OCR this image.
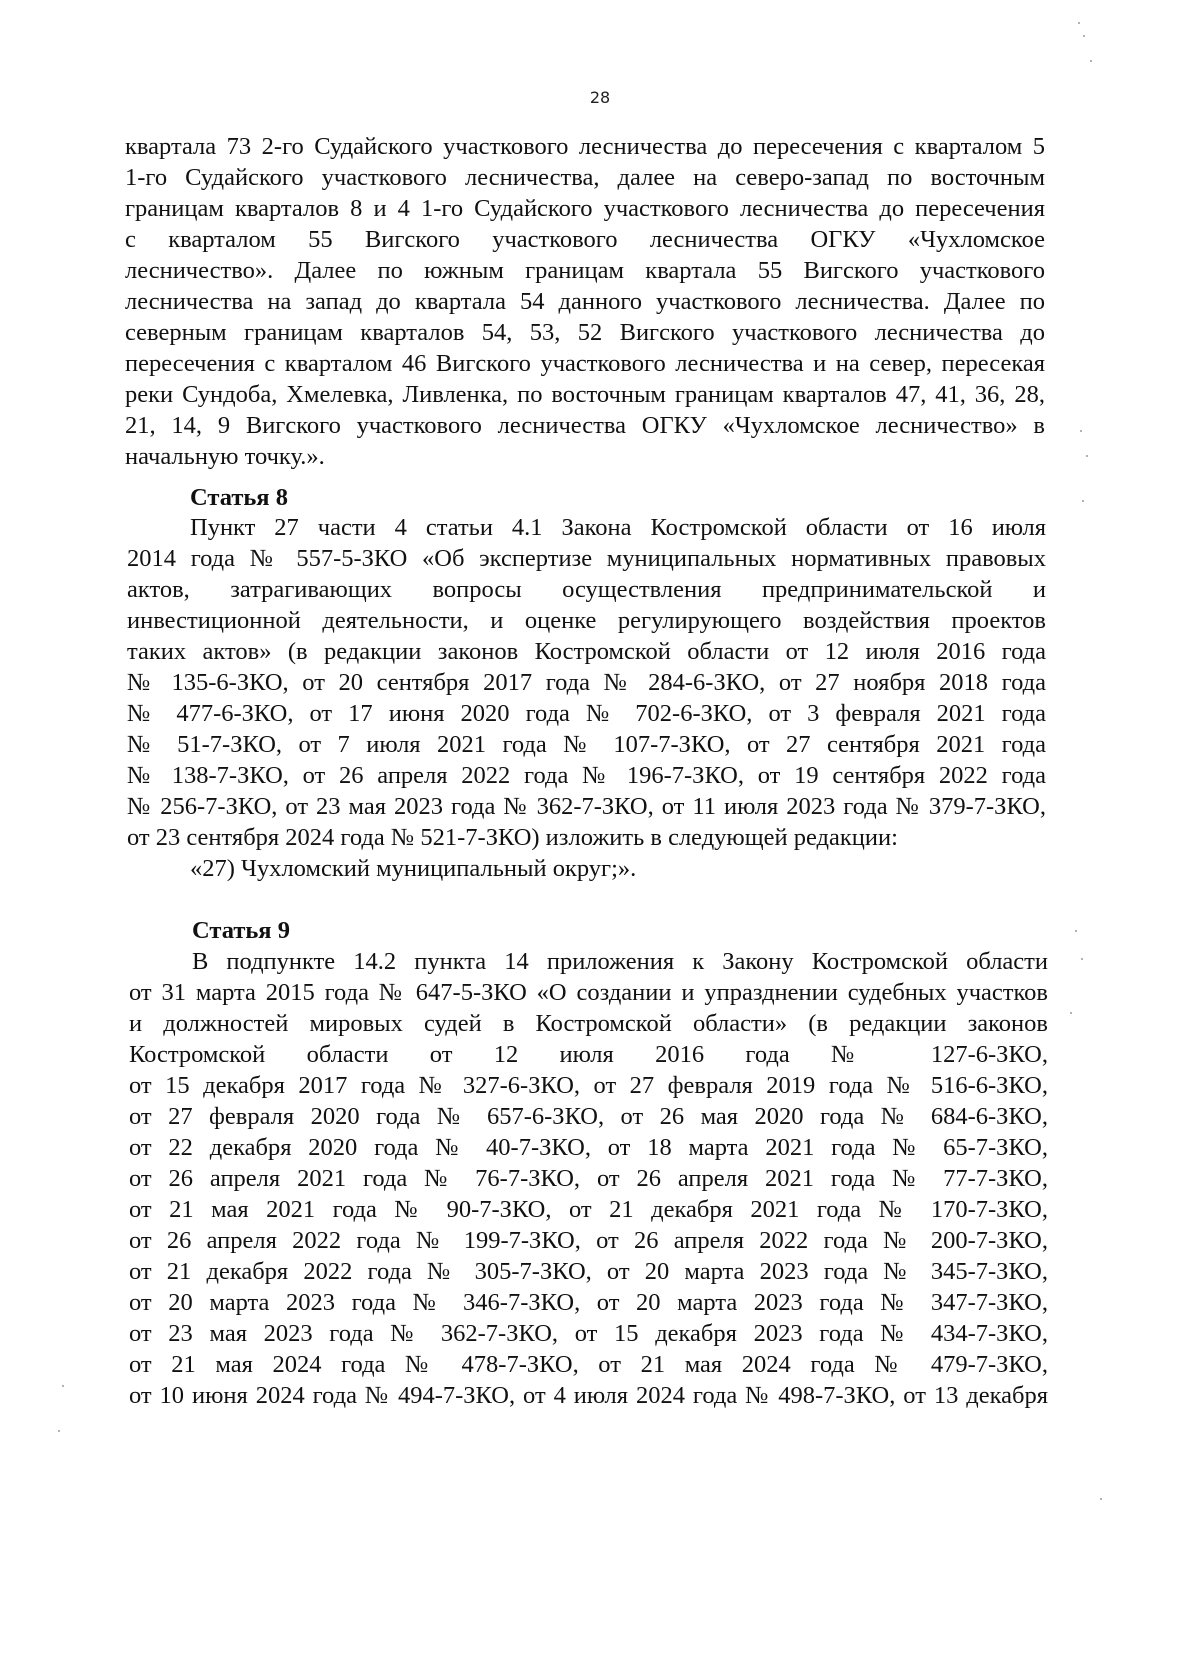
28
квартала 73 2-го Судайского участкового лесничества до пересечения с кварталом 5
1-го Судайского участкового лесничества, далее на северо-запад по восточным
границам кварталов 8 и 4 1-го Судайского участкового лесничества до пересечения
с кварталом 55 Вигского участкового лесничества ОГКУ «Чухломское
лесничество». Далее по южным границам квартала 55 Вигского участкового
лесничества на запад до квартала 54 данного участкового лесничества. Далее по
северным границам кварталов 54, 53, 52 Вигского участкового лесничества до
пересечения с кварталом 46 Вигского участкового лесничества и на север, пересекая
реки Сундоба, Хмелевка, Ливленка, по восточным границам кварталов 47, 41, 36, 28,
21, 14, 9 Вигского участкового лесничества ОГКУ «Чухломское лесничество» в
начальную точку.».
Статья 8
Пункт 27 части 4 статьи 4.1 Закона Костромской области от 16 июля
2014 года № 557-5-ЗКО «Об экспертизе муниципальных нормативных правовых
актов, затрагивающих вопросы осуществления предпринимательской и
инвестиционной деятельности, и оценке регулирующего воздействия проектов
таких актов» (в редакции законов Костромской области от 12 июля 2016 года
№ 135-6-ЗКО, от 20 сентября 2017 года № 284-6-ЗКО, от 27 ноября 2018 года
№ 477-6-ЗКО, от 17 июня 2020 года № 702-6-ЗКО, от 3 февраля 2021 года
№ 51-7-ЗКО, от 7 июля 2021 года № 107-7-ЗКО, от 27 сентября 2021 года
№ 138-7-ЗКО, от 26 апреля 2022 года № 196-7-ЗКО, от 19 сентября 2022 года
№ 256-7-ЗКО, от 23 мая 2023 года № 362-7-ЗКО, от 11 июля 2023 года № 379-7-ЗКО,
от 23 сентября 2024 года № 521-7-ЗКО) изложить в следующей редакции:
«27) Чухломский муниципальный округ;».
Статья 9
В подпункте 14.2 пункта 14 приложения к Закону Костромской области
от 31 марта 2015 года № 647-5-ЗКО «О создании и упразднении судебных участков
и должностей мировых судей в Костромской области» (в редакции законов
Костромской области от 12 июля 2016 года № 127-6-ЗКО,
от 15 декабря 2017 года № 327-6-ЗКО, от 27 февраля 2019 года № 516-6-ЗКО,
от 27 февраля 2020 года № 657-6-ЗКО, от 26 мая 2020 года № 684-6-ЗКО,
от 22 декабря 2020 года № 40-7-ЗКО, от 18 марта 2021 года № 65-7-ЗКО,
от 26 апреля 2021 года № 76-7-ЗКО, от 26 апреля 2021 года № 77-7-ЗКО,
от 21 мая 2021 года № 90-7-ЗКО, от 21 декабря 2021 года № 170-7-ЗКО,
от 26 апреля 2022 года № 199-7-ЗКО, от 26 апреля 2022 года № 200-7-ЗКО,
от 21 декабря 2022 года № 305-7-ЗКО, от 20 марта 2023 года № 345-7-ЗКО,
от 20 марта 2023 года № 346-7-ЗКО, от 20 марта 2023 года № 347-7-ЗКО,
от 23 мая 2023 года № 362-7-ЗКО, от 15 декабря 2023 года № 434-7-ЗКО,
от 21 мая 2024 года № 478-7-ЗКО, от 21 мая 2024 года № 479-7-ЗКО,
от 10 июня 2024 года № 494-7-ЗКО, от 4 июля 2024 года № 498-7-ЗКО, от 13 декабря
